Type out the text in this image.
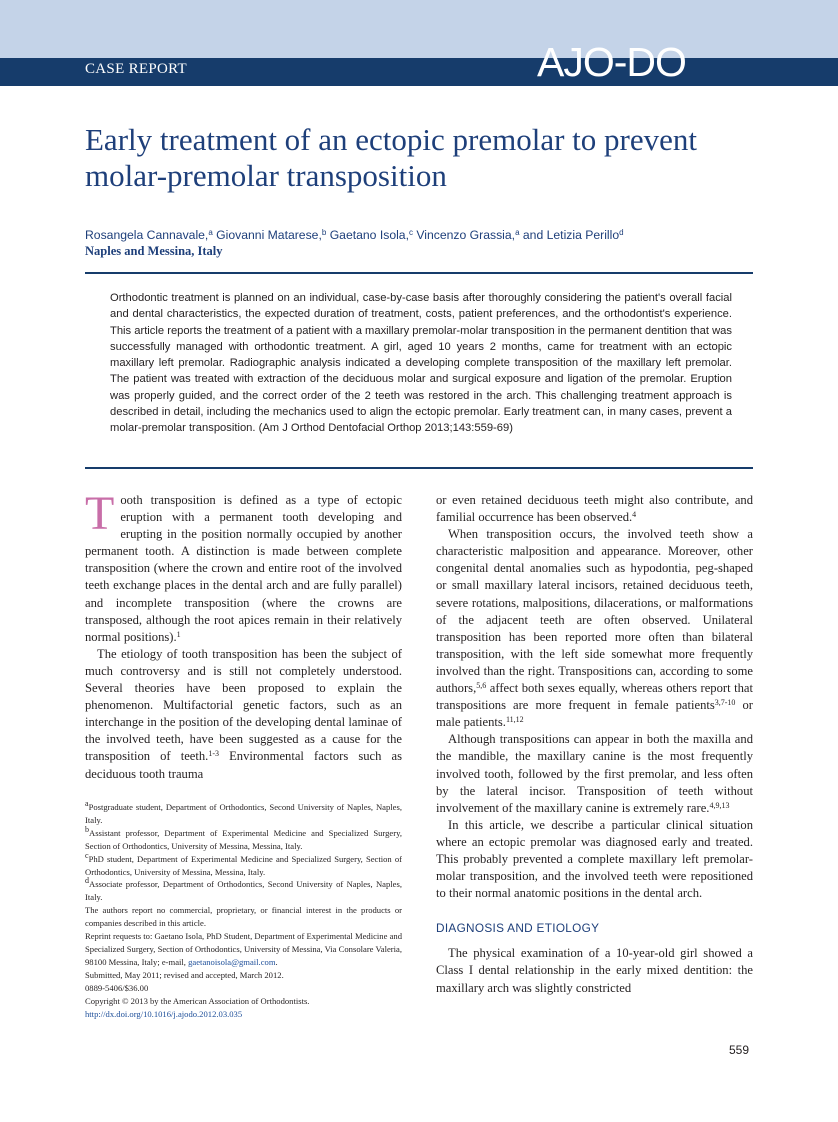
CASE REPORT	AJO-DO
Early treatment of an ectopic premolar to prevent molar-premolar transposition
Rosangela Cannavale,$^a$ Giovanni Matarese,$^b$ Gaetano Isola,$^c$ Vincenzo Grassia,$^a$ and Letizia Perillo$^d$
Naples and Messina, Italy
Orthodontic treatment is planned on an individual, case-by-case basis after thoroughly considering the patient's overall facial and dental characteristics, the expected duration of treatment, costs, patient preferences, and the orthodontist's experience. This article reports the treatment of a patient with a maxillary premolar-molar transposition in the permanent dentition that was successfully managed with orthodontic treatment. A girl, aged 10 years 2 months, came for treatment with an ectopic maxillary left premolar. Radiographic analysis indicated a developing complete transposition of the maxillary left premolar. The patient was treated with extraction of the deciduous molar and surgical exposure and ligation of the premolar. Eruption was properly guided, and the correct order of the 2 teeth was restored in the arch. This challenging treatment approach is described in detail, including the mechanics used to align the ectopic premolar. Early treatment can, in many cases, prevent a molar-premolar transposition. (Am J Orthod Dentofacial Orthop 2013;143:559-69)

Tooth transposition is defined as a type of ectopic eruption with a permanent tooth developing and erupting in the position normally occupied by another permanent tooth. A distinction is made between complete transposition (where the crown and entire root of the involved teeth exchange places in the dental arch and are fully parallel) and incomplete transposition (where the crowns are transposed, although the root apices remain in their relatively normal positions).$^1$

The etiology of tooth transposition has been the subject of much controversy and is still not completely understood. Several theories have been proposed to explain the phenomenon. Multifactorial genetic factors, such as an interchange in the position of the developing dental laminae of the involved teeth, have been suggested as a cause for the transposition of teeth.$^{1-3}$ Environmental factors such as deciduous tooth trauma

$^a$Postgraduate student, Department of Orthodontics, Second University of Naples, Naples, Italy.

$^b$Assistant professor, Department of Experimental Medicine and Specialized Surgery, Section of Orthodontics, University of Messina, Messina, Italy.

$^c$PhD student, Department of Experimental Medicine and Specialized Surgery, Section of Orthodontics, University of Messina, Messina, Italy.

$^d$Associate professor, Department of Orthodontics, Second University of Naples, Naples, Italy.

The authors report no commercial, proprietary, or financial interest in the products or companies described in this article.

Reprint requests to: Gaetano Isola, PhD Student, Department of Experimental Medicine and Specialized Surgery, Section of Orthodontics, University of Messina, Via Consolare Valeria, 98100 Messina, Italy; e-mail, gaetanoisola@gmail.com.

Submitted, May 2011; revised and accepted, March 2012.

0889-5406/$36.00

Copyright © 2013 by the American Association of Orthodontists.

http://dx.doi.org/10.1016/j.ajodo.2012.03.035

or even retained deciduous teeth might also contribute, and familial occurrence has been observed.$^4$

When transposition occurs, the involved teeth show a characteristic malposition and appearance. Moreover, other congenital dental anomalies such as hypodontia, peg-shaped or small maxillary lateral incisors, retained deciduous teeth, severe rotations, malpositions, dilacerations, or malformations of the adjacent teeth are often observed. Unilateral transposition has been reported more often than bilateral transposition, with the left side somewhat more frequently involved than the right. Transpositions can, according to some authors,$^{5,6}$ affect both sexes equally, whereas others report that transpositions are more frequent in female patients$^{3,7-10}$ or male patients.$^{11,12}$

Although transpositions can appear in both the maxilla and the mandible, the maxillary canine is the most frequently involved tooth, followed by the first premolar, and less often by the lateral incisor. Transposition of teeth without involvement of the maxillary canine is extremely rare.$^{4,9,13}$

In this article, we describe a particular clinical situation where an ectopic premolar was diagnosed early and treated. This probably prevented a complete maxillary left premolar-molar transposition, and the involved teeth were repositioned to their normal anatomic positions in the dental arch.

DIAGNOSIS AND ETIOLOGY

The physical examination of a 10-year-old girl showed a Class I dental relationship in the early mixed dentition: the maxillary arch was slightly constricted

559
